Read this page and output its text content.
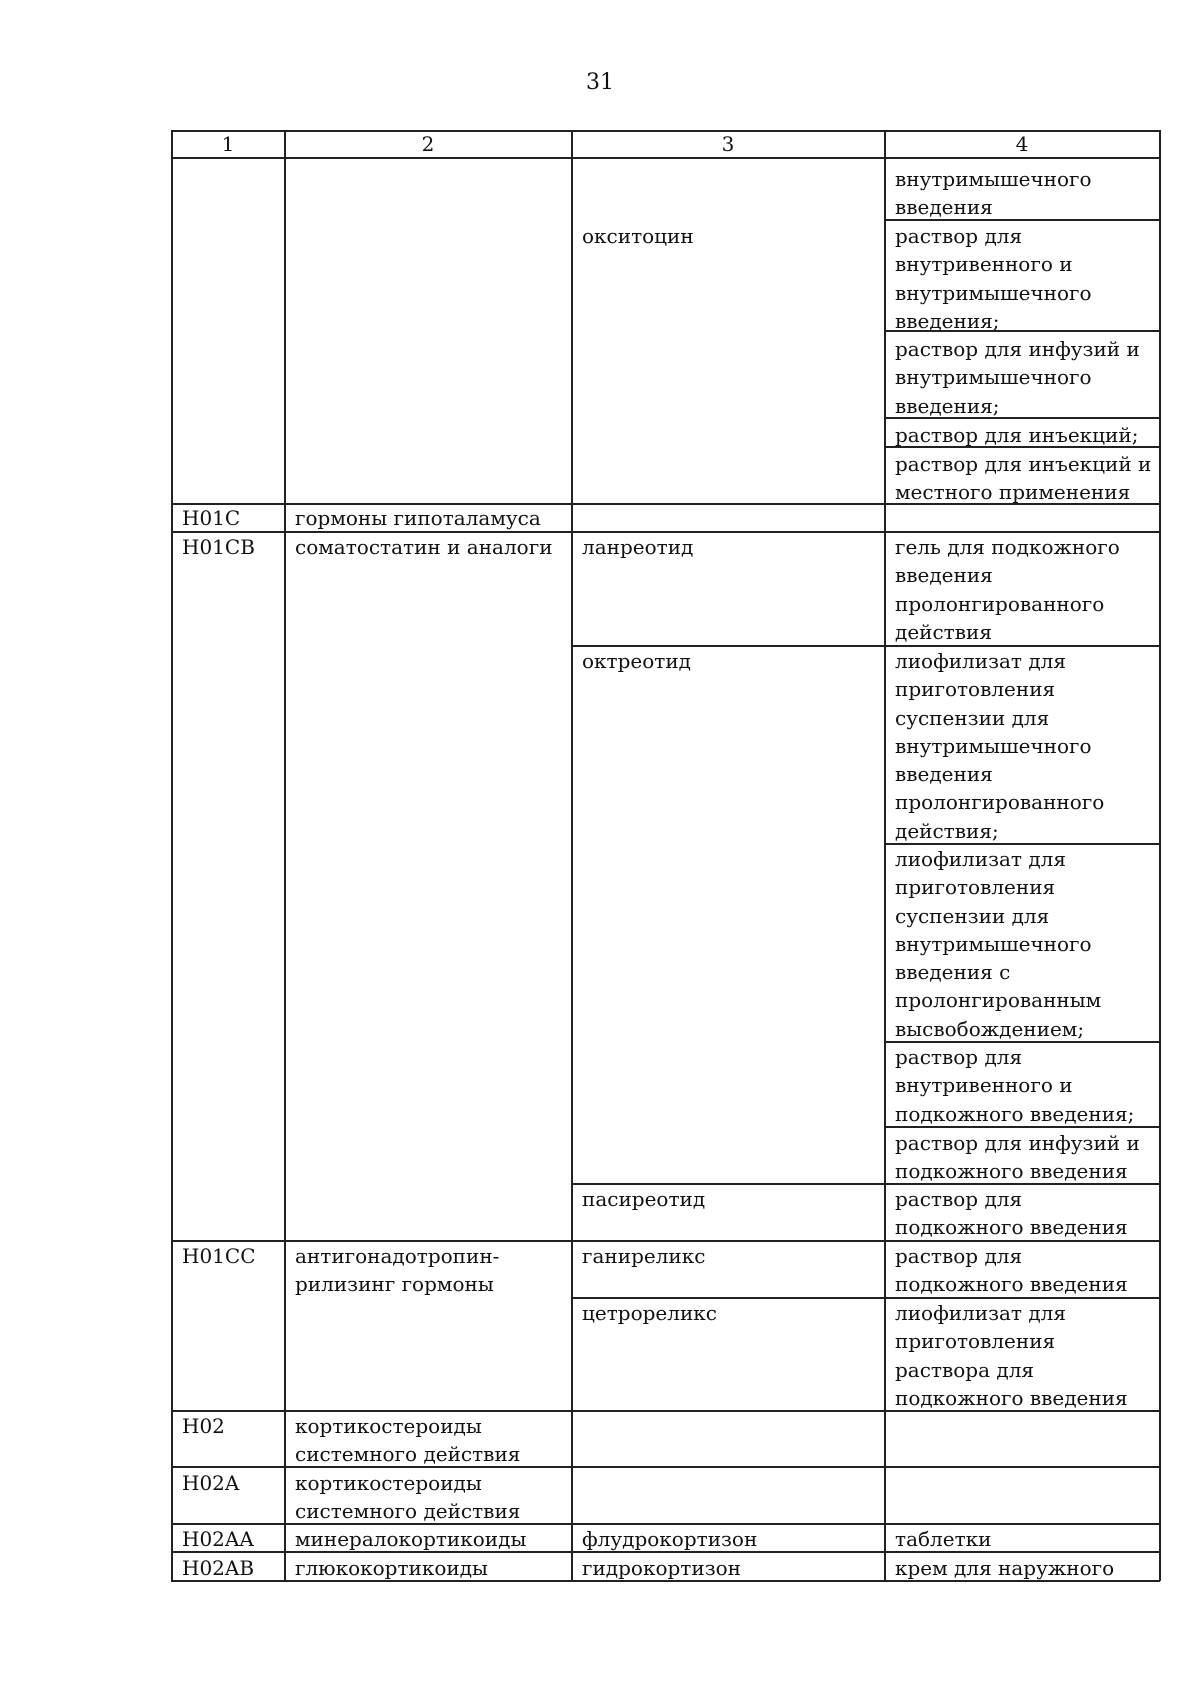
31
1	2	3	4
внутримышечного
введения
окситоцин	раствор для
внутривенного и
внутримышечного
введения;
раствор для инфузий и
внутримышечного
введения;
раствор для инъекций;
раствор для инъекций и
местного применения
H01C	гормоны гипоталамуса
H01CB	соматостатин и аналоги	ланреотид	гель для подкожного
введения
пролонгированного
действия
октреотид	лиофилизат для
приготовления
суспензии для
внутримышечного
введения
пролонгированного
действия;
лиофилизат для
приготовления
суспензии для
внутримышечного
введения с
пролонгированным
высвобождением;
раствор для
внутривенного и
подкожного введения;
раствор для инфузий и
подкожного введения
пасиреотид	раствор для
подкожного введения
H01CC	антигонадотропин-
рилизинг гормоны
ганиреликс	раствор для
подкожного введения
цетрореликс	лиофилизат для
приготовления
раствора для
подкожного введения
H02	кортикостероиды
системного действия
H02A	кортикостероиды
системного действия
H02AA	минералокортикоиды	флудрокортизон	таблетки
H02AB	глюкокортикоиды	гидрокортизон	крем для наружного
